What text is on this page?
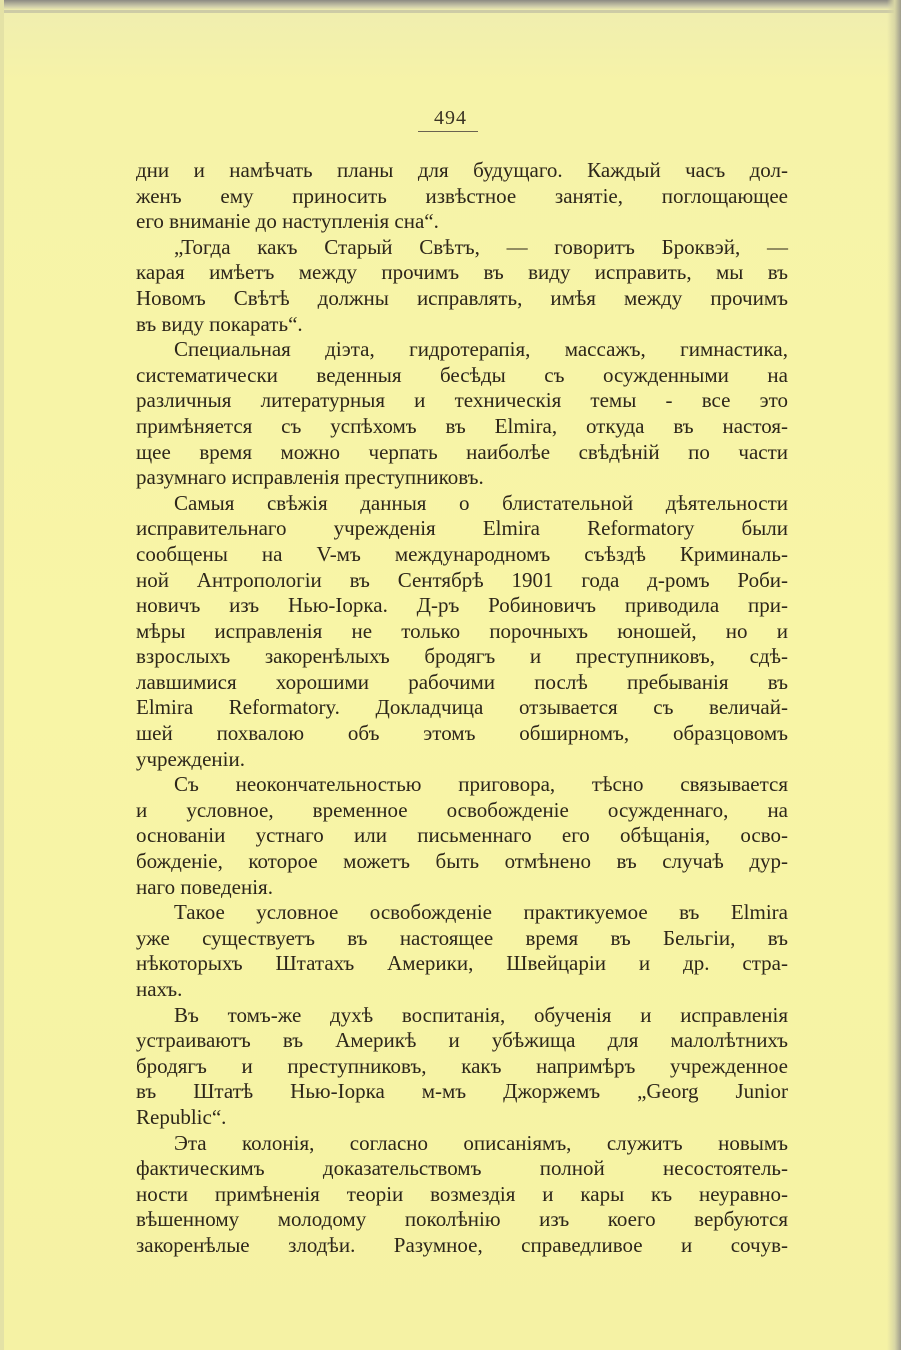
494
дни и намѣчать планы для будущаго. Каждый часъ дол-
женъ ему приносить извѣстное занятіе, поглощающее
его вниманіе до наступленія сна“.
„Тогда какъ Старый Свѣтъ, — говоритъ Броквэй, —
карая имѣетъ между прочимъ въ виду исправить, мы въ
Новомъ Свѣтѣ должны исправлять, имѣя между прочимъ
въ виду покарать“.
Специальная діэта, гидротерапія, массажъ, гимнастика,
систематически веденныя бесѣды съ осужденными на
различныя литературныя и техническія темы - все это
примѣняется съ успѣхомъ въ Elmira, откуда въ настоя-
щее время можно черпать наиболѣе свѣдѣній по части
разумнаго исправленія преступниковъ.
Самыя свѣжія данныя о блистательной дѣятельности
исправительнаго учрежденія Elmira Reformatory были
сообщены на V-мъ международномъ съѣздѣ Криминаль-
ной Антропологіи въ Сентябрѣ 1901 года д-ромъ Роби-
новичъ изъ Нью-Іорка. Д-ръ Робиновичъ приводила при-
мѣры исправленія не только порочныхъ юношей, но и
взрослыхъ закоренѣлыхъ бродягъ и преступниковъ, сдѣ-
лавшимися хорошими рабочими послѣ пребыванія въ
Elmira Reformatory. Докладчица отзывается съ величай-
шей похвалою объ этомъ обширномъ, образцовомъ
учрежденіи.
Съ неокончательностью приговора, тѣсно связывается
и условное, временное освобожденіе осужденнаго, на
основаніи устнаго или письменнаго его обѣщанія, осво-
божденіе, которое можетъ быть отмѣнено въ случаѣ дур-
наго поведенія.
Такое условное освобожденіе практикуемое въ Elmira
уже существуетъ въ настоящее время въ Бельгіи, въ
нѣкоторыхъ Штатахъ Америки, Швейцаріи и др. стра-
нахъ.
Въ томъ-же духѣ воспитанія, обученія и исправленія
устраиваютъ въ Америкѣ и убѣжища для малолѣтнихъ
бродягъ и преступниковъ, какъ напримѣръ учрежденное
въ Штатѣ Нью-Іорка м-мъ Джоржемъ „Georg Junior
Republic“.
Эта колонія, согласно описаніямъ, служитъ новымъ
фактическимъ доказательствомъ полной несостоятель-
ности примѣненія теоріи возмездія и кары къ неуравно-
вѣшенному молодому поколѣнію изъ коего вербуются
закоренѣлые злодѣи. Разумное, справедливое и сочув-
